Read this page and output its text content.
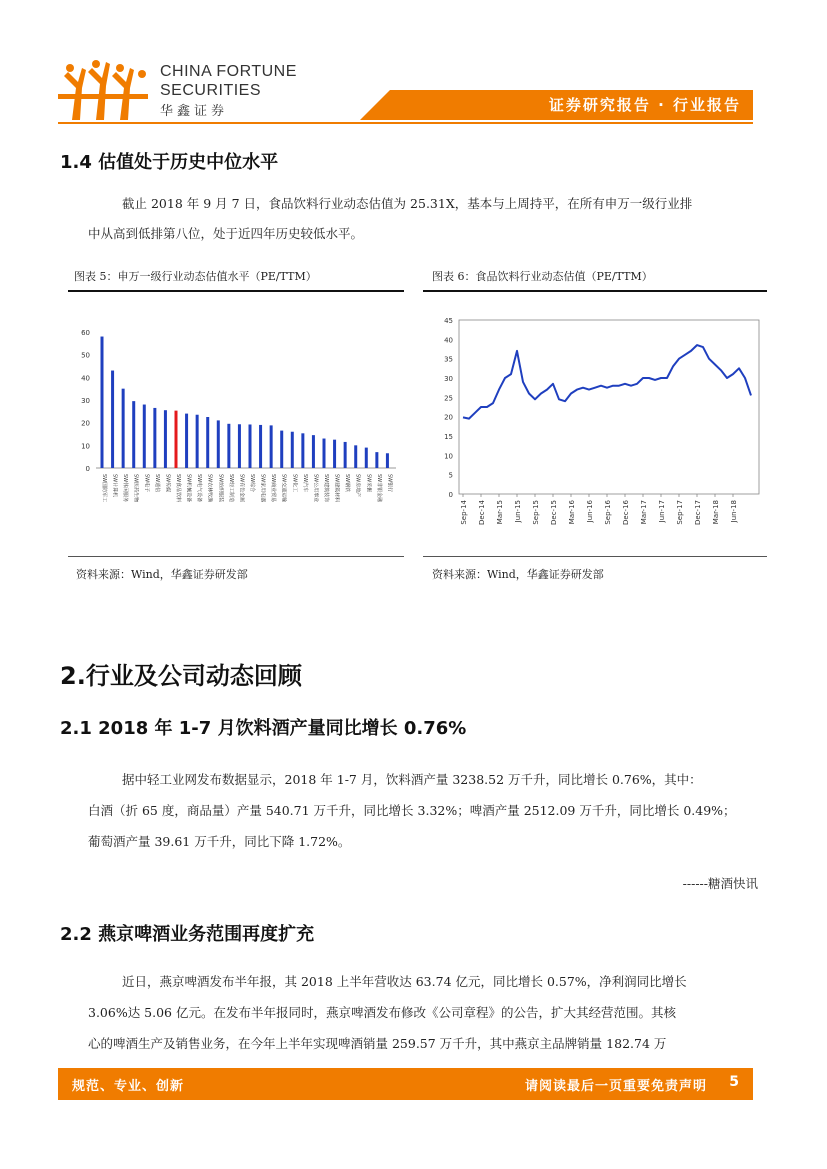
CHINA FORTUNE
SECURITIES
华鑫证券	证券研究报告 · 行业报告
1.4 估值处于历史中位水平
截止 2018 年 9 月 7 日，食品饮料行业动态估值为 25.31X，基本与上周持平，在所有申万一级行业排
中从高到低排第八位，处于近四年历史较低水平。
图表 5：申万一级行业动态估值水平（PE/TTM）
0
10
20
30
40
50
60
SW国防军工 SW计算机 SW休闲服务 SW医药生物 SW电子 SW通信 SW传媒 SW食品饮料 SW机械设备 SW电气设备 SW农林牧渔 SW纺织服装 SW轻工制造 SW有色金属 SW综合 SW家用电器 SW商业贸易 SW交通运输 SW化工 SW汽车 SW公用事业 SW建筑装饰 SW建筑材料 SW钢铁 SW房地产 SW采掘 SW非银金融 SW银行
资料来源：Wind，华鑫证券研发部
图表 6：食品饮料行业动态估值（PE/TTM）
0
5
10
15
20
25
30
35
40
45
Sep-14 Dec-14 Mar-15 Jun-15 Sep-15 Dec-15 Mar-16 Jun-16 Sep-16 Dec-16 Mar-17 Jun-17 Sep-17 Dec-17 Mar-18 Jun-18
资料来源：Wind，华鑫证券研发部
2.行业及公司动态回顾
2.1 2018 年 1-7 月饮料酒产量同比增长 0.76%
据中轻工业网发布数据显示，2018 年 1-7 月，饮料酒产量 3238.52 万千升，同比增长 0.76%，其中：
白酒（折 65 度，商品量）产量 540.71 万千升，同比增长 3.32%；啤酒产量 2512.09 万千升，同比增长 0.49%；
葡萄酒产量 39.61 万千升，同比下降 1.72%。
------糖酒快讯
2.2 燕京啤酒业务范围再度扩充
近日，燕京啤酒发布半年报，其 2018 上半年营收达 63.74 亿元，同比增长 0.57%，净利润同比增长
3.06%达 5.06 亿元。在发布半年报同时，燕京啤酒发布修改《公司章程》的公告，扩大其经营范围。其核
心的啤酒生产及销售业务，在今年上半年实现啤酒销量 259.57 万千升，其中燕京主品牌销量 182.74 万
规范、专业、创新	请阅读最后一页重要免责声明 5
